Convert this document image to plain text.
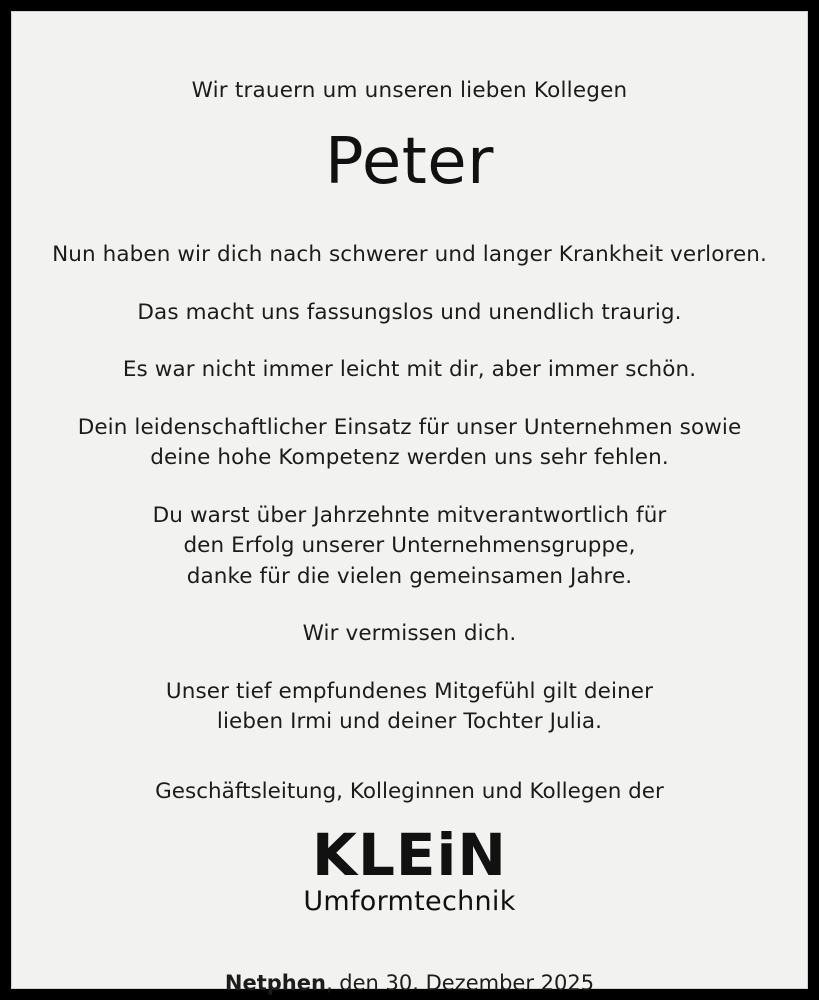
Wir trauern um unseren lieben Kollegen
Peter

Nun haben wir dich nach schwerer und langer Krankheit verloren.

Das macht uns fassungslos und unendlich traurig.

Es war nicht immer leicht mit dir, aber immer schön.

Dein leidenschaftlicher Einsatz für unser Unternehmen sowie
deine hohe Kompetenz werden uns sehr fehlen.

Du warst über Jahrzehnte mitverantwortlich für
den Erfolg unserer Unternehmensgruppe,
danke für die vielen gemeinsamen Jahre.

Wir vermissen dich.

Unser tief empfundenes Mitgefühl gilt deiner
lieben Irmi und deiner Tochter Julia.

Geschäftsleitung, Kolleginnen und Kollegen der
KLEiN
Umformtechnik
Netphen, den 30. Dezember 2025
